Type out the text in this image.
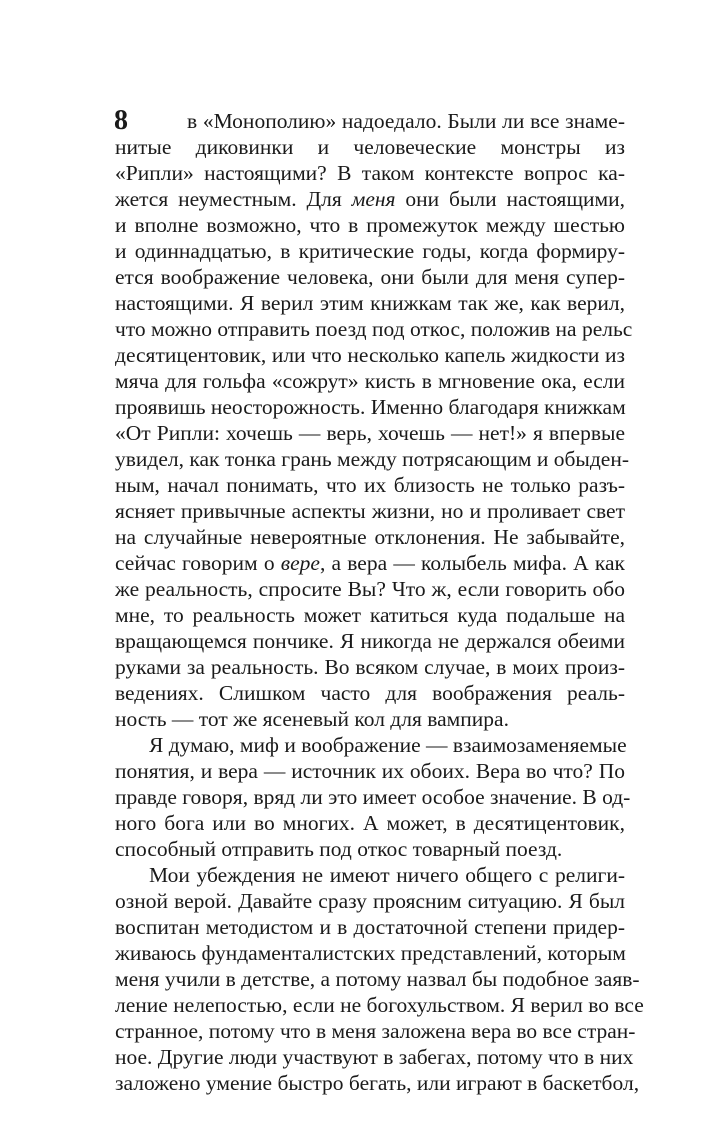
8	в «Монополию» надоедало. Были ли все знаме-
нитые диковинки и человеческие монстры из
«Рипли» настоящими? В таком контексте вопрос ка-
жется неуместным. Для меня они были настоящими,
и вполне возможно, что в промежуток между шестью
и одиннадцатью, в критические годы, когда формиру-
ется воображение человека, они были для меня супер-
настоящими. Я верил этим книжкам так же, как верил,
что можно отправить поезд под откос, положив на рельс
десятицентовик, или что несколько капель жидкости из
мяча для гольфа «сожрут» кисть в мгновение ока, если
проявишь неосторожность. Именно благодаря книжкам
«От Рипли: хочешь — верь, хочешь — нет!» я впервые
увидел, как тонка грань между потрясающим и обыден-
ным, начал понимать, что их близость не только разъ-
ясняет привычные аспекты жизни, но и проливает свет
на случайные невероятные отклонения. Не забывайте,
сейчас говорим о вере, а вера — колыбель мифа. А как
же реальность, спросите Вы? Что ж, если говорить обо
мне, то реальность может катиться куда подальше на
вращающемся пончике. Я никогда не держался обеими
руками за реальность. Во всяком случае, в моих произ-
ведениях. Слишком часто для воображения реаль-
ность — тот же ясеневый кол для вампира.
Я думаю, миф и воображение — взаимозаменяемые
понятия, и вера — источник их обоих. Вера во что? По
правде говоря, вряд ли это имеет особое значение. В од-
ного бога или во многих. А может, в десятицентовик,
способный отправить под откос товарный поезд.
Мои убеждения не имеют ничего общего с религи-
озной верой. Давайте сразу проясним ситуацию. Я был
воспитан методистом и в достаточной степени придер-
живаюсь фундаменталистских представлений, которым
меня учили в детстве, а потому назвал бы подобное заяв-
ление нелепостью, если не богохульством. Я верил во все
странное, потому что в меня заложена вера во все стран-
ное. Другие люди участвуют в забегах, потому что в них
заложено умение быстро бегать, или играют в баскетбол,
